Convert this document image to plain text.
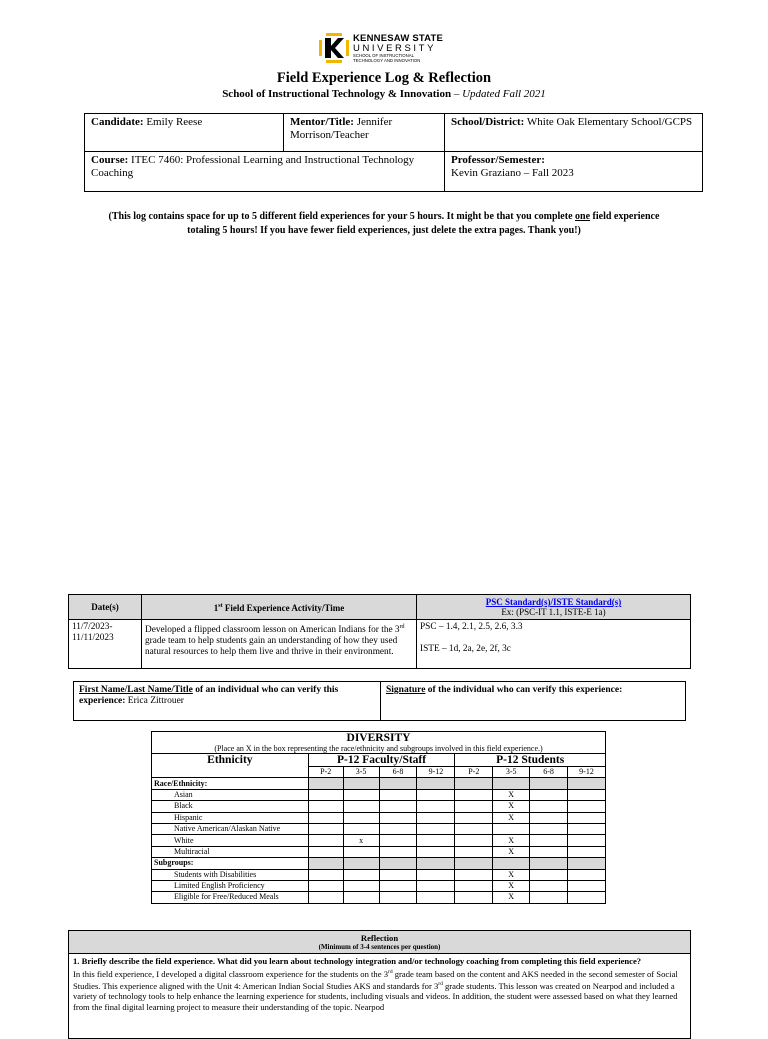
KENNESAW STATE
UNIVERSITY
SCHOOL OF INSTRUCTIONAL TECHNOLOGY AND INNOVATION
Field Experience Log & Reflection
School of Instructional Technology & Innovation – Updated Fall 2021
Candidate: Emily Reese	Mentor/Title: Jennifer Morrison/Teacher	School/District: White Oak Elementary School/GCPS
Course: ITEC 7460: Professional Learning and Instructional Technology Coaching		Professor/Semester:
Kevin Graziano – Fall 2023
(This log contains space for up to 5 different field experiences for your 5 hours. It might be that you complete one field experience totaling 5 hours! If you have fewer field experiences, just delete the extra pages. Thank you!)
Date(s)	1st Field Experience Activity/Time	PSC Standard(s)/ISTE Standard(s)
Ex: (PSC-IT 1.1, ISTE-E 1a)
11/7/2023-11/11/2023	Developed a flipped classroom lesson on American Indians for the 3rd grade team to help students gain an understanding of how they used natural resources to help them live and thrive in their environment.	PSC – 1.4, 2.1, 2.5, 2.6, 3.3
ISTE – 1d, 2a, 2e, 2f, 3c
First Name/Last Name/Title of an individual who can verify this experience: Erica Zittrouer	Signature of the individual who can verify this experience:
DIVERSITY
(Place an X in the box representing the race/ethnicity and subgroups involved in this field experience.)								

Ethnicity	P-12 Faculty/Staff				P-12 Students			
	P-2	3-5	6-8	9-12	P-2	3-5	6-8	9-12
Race/Ethnicity:								
Asian						X		
Black						X		
Hispanic						X		
Native American/Alaskan Native								
White		x				X		
Multiracial						X		
Subgroups:								
Students with Disabilities						X		
Limited English Proficiency						X		
Eligible for Free/Reduced Meals						X		
Reflection
(Minimum of 3-4 sentences per question)

1. Briefly describe the field experience. What did you learn about technology integration and/or technology coaching from completing this field experience?
In this field experience, I developed a digital classroom experience for the students on the 3rd grade team based on the content and AKS needed in the second semester of Social Studies. This experience aligned with the Unit 4: American Indian Social Studies AKS and standards for 3rd grade students. This lesson was created on Nearpod and included a variety of technology tools to help enhance the learning experience for students, including visuals and videos. In addition, the student were assessed based on what they learned from the final digital learning project to measure their understanding of the topic. Nearpod
